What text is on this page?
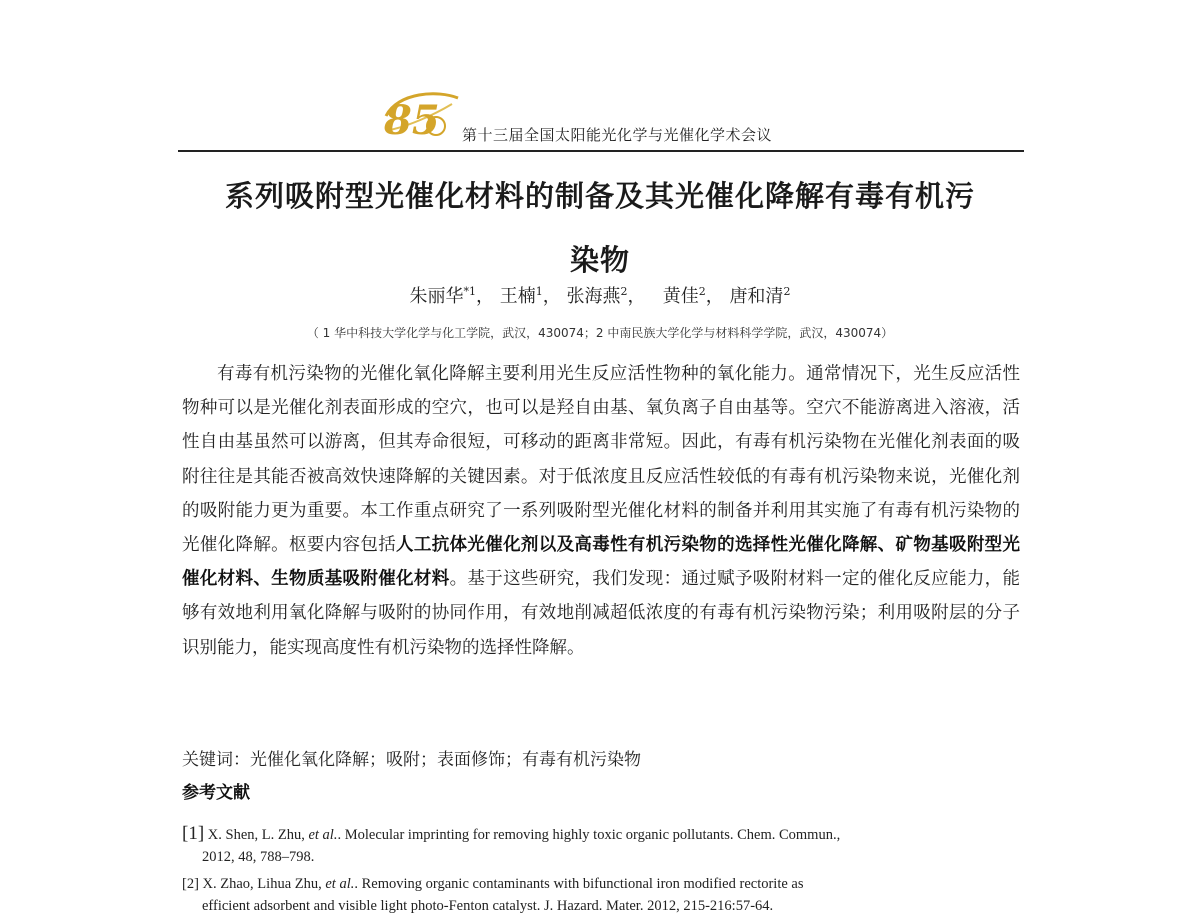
85 第十三届全国太阳能光化学与光催化学术会议
系列吸附型光催化材料的制备及其光催化降解有毒有机污
染物
朱丽华$^{*1}$， 王楠$^1$， 张海燕$^2$，   黄佳$^2$， 唐和清$^2$
（ 1 华中科技大学化学与化工学院，武汉，430074；2 中南民族大学化学与材料科学学院，武汉，430074）

有毒有机污染物的光催化氧化降解主要利用光生反应活性物种的氧化能力。通常情况下，光生反应活性物种可以是光催化剂表面形成的空穴，也可以是羟自由基、氧负离子自由基等。空穴不能游离进入溶液，活性自由基虽然可以游离，但其寿命很短，可移动的距离非常短。因此，有毒有机污染物在光催化剂表面的吸附往往是其能否被高效快速降解的关键因素。对于低浓度且反应活性较低的有毒有机污染物来说，光催化剂的吸附能力更为重要。本工作重点研究了一系列吸附型光催化材料的制备并利用其实施了有毒有机污染物的光催化降解。枢要内容包括人工抗体光催化剂以及高毒性有机污染物的选择性光催化降解、矿物基吸附型光催化材料、生物质基吸附催化材料。基于这些研究，我们发现：通过赋予吸附材料一定的催化反应能力，能够有效地利用氧化降解与吸附的协同作用，有效地削减超低浓度的有毒有机污染物污染；利用吸附层的分子识别能力，能实现高度性有机污染物的选择性降解。

关键词：光催化氧化降解；吸附；表面修饰；有毒有机污染物
参考文献
[1] X. Shen, L. Zhu, et al.. Molecular imprinting for removing highly toxic organic pollutants. Chem. Commun.,
2012, 48, 788–798.
[2] X. Zhao, Lihua Zhu, et al.. Removing organic contaminants with bifunctional iron modified rectorite as
efficient adsorbent and visible light photo-Fenton catalyst. J. Hazard. Mater. 2012, 215-216:57-64.
